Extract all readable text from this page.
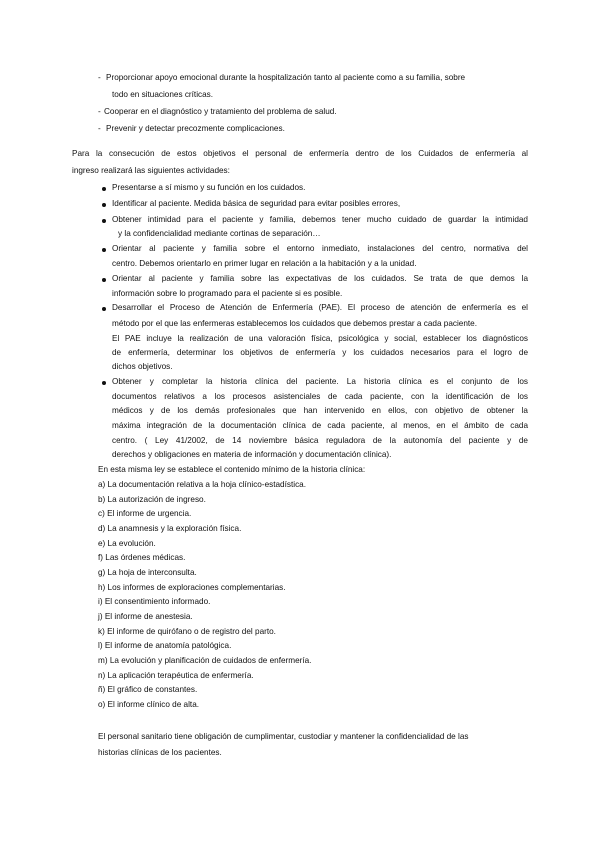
- Proporcionar apoyo emocional durante la hospitalización tanto al paciente como a su familia, sobre
todo en situaciones críticas.
- Cooperar en el diagnóstico y tratamiento del problema de salud.
- Prevenir y detectar precozmente complicaciones.
Para la consecución de estos objetivos el personal de enfermería dentro de los Cuidados de enfermería al
ingreso realizará las siguientes actividades:
Presentarse a sí mismo y su función en los cuidados.
Identificar al paciente. Medida básica de seguridad para evitar posibles errores,
Obtener intimidad para el paciente y familia, debemos tener mucho cuidado de guardar la intimidad
y la confidencialidad mediante cortinas de separación…
Orientar al paciente y familia sobre el entorno inmediato, instalaciones del centro, normativa del
centro. Debemos orientarlo en primer lugar en relación a la habitación y a la unidad.
Orientar al paciente y familia sobre las expectativas de los cuidados. Se trata de que demos la
información sobre lo programado para el paciente si es posible.
Desarrollar el Proceso de Atención de Enfermería (PAE). El proceso de atención de enfermería es el
método por el que las enfermeras establecemos los cuidados que debemos prestar a cada paciente.
El PAE incluye la realización de una valoración física, psicológica y social, establecer los diagnósticos
de enfermería, determinar los objetivos de enfermería y los cuidados necesarios para el logro de
dichos objetivos.
Obtener y completar la historia clínica del paciente. La historia clínica es el conjunto de los
documentos relativos a los procesos asistenciales de cada paciente, con la identificación de los
médicos y de los demás profesionales que han intervenido en ellos, con objetivo de obtener la
máxima integración de la documentación clínica de cada paciente, al menos, en el ámbito de cada
centro. ( Ley 41/2002, de 14 noviembre básica reguladora de la autonomía del paciente y de
derechos y obligaciones en materia de información y documentación clínica).
En esta misma ley se establece el contenido mínimo de la historia clínica:
a) La documentación relativa a la hoja clínico-estadística.
b) La autorización de ingreso.
c) El informe de urgencia.
d) La anamnesis y la exploración física.
e) La evolución.
f) Las órdenes médicas.
g) La hoja de interconsulta.
h) Los informes de exploraciones complementarias.
i) El consentimiento informado.
j) El informe de anestesia.
k) El informe de quirófano o de registro del parto.
l) El informe de anatomía patológica.
m) La evolución y planificación de cuidados de enfermería.
n) La aplicación terapéutica de enfermería.
ñ) El gráfico de constantes.
o) El informe clínico de alta.
El personal sanitario tiene obligación de cumplimentar, custodiar y mantener la confidencialidad de las
historias clínicas de los pacientes.
